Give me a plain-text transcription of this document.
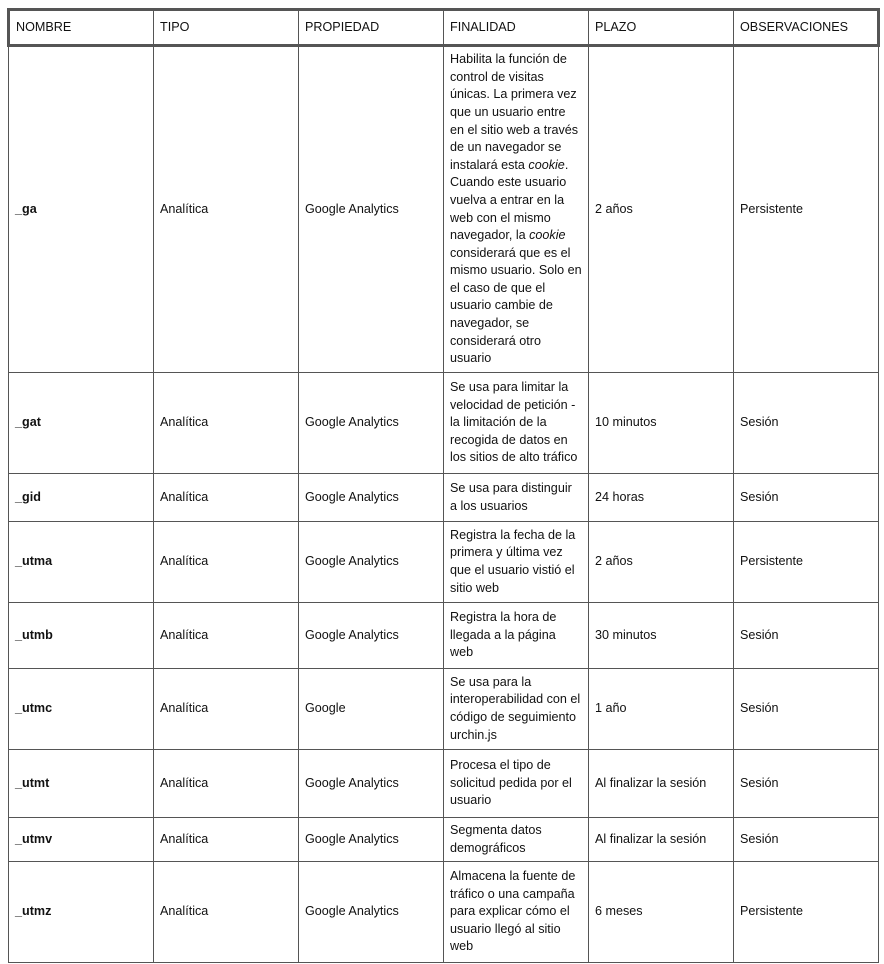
NOMBRE	TIPO	PROPIEDAD	FINALIDAD	PLAZO	OBSERVACIONES
_ga	Analítica	Google Analytics	Habilita la función de control de visitas únicas. La primera vez que un usuario entre en el sitio web a través de un navegador se instalará esta cookie. Cuando este usuario vuelva a entrar en la web con el mismo navegador, la cookie considerará que es el mismo usuario. Solo en el caso de que el usuario cambie de navegador, se considerará otro usuario	2 años	Persistente
_gat	Analítica	Google Analytics	Se usa para limitar la velocidad de petición - la limitación de la recogida de datos en los sitios de alto tráfico	10 minutos	Sesión
_gid	Analítica	Google Analytics	Se usa para distinguir a los usuarios	24 horas	Sesión
_utma	Analítica	Google Analytics	Registra la fecha de la primera y última vez que el usuario vistió el sitio web	2 años	Persistente
_utmb	Analítica	Google Analytics	Registra la hora de llegada a la página web	30 minutos	Sesión
_utmc	Analítica	Google	Se usa para la interoperabilidad con el código de seguimiento urchin.js	1 año	Sesión
_utmt	Analítica	Google Analytics	Procesa el tipo de solicitud pedida por el usuario	Al finalizar la sesión	Sesión
_utmv	Analítica	Google Analytics	Segmenta datos demográficos	Al finalizar la sesión	Sesión
_utmz	Analítica	Google Analytics	Almacena la fuente de tráfico o una campaña para explicar cómo el usuario llegó al sitio web	6 meses	Persistente
